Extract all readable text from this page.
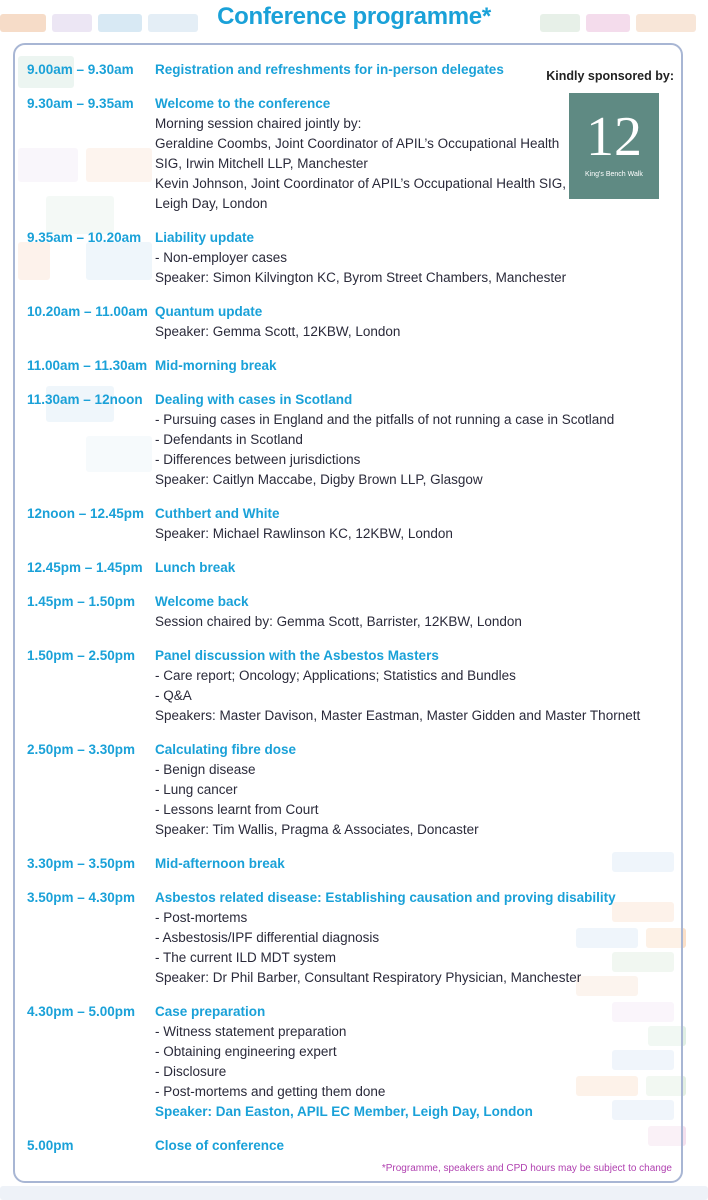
Conference programme*
Kindly sponsored by:
12
King's Bench Walk
9.00am – 9.30am	Registration and refreshments for in-person delegates
9.30am – 9.35am	Welcome to the conference
Morning session chaired jointly by:
Geraldine Coombs, Joint Coordinator of APIL’s Occupational Health
SIG, Irwin Mitchell LLP, Manchester
Kevin Johnson, Joint Coordinator of APIL’s Occupational Health SIG,
Leigh Day, London
9.35am – 10.20am	Liability update
- Non-employer cases
Speaker: Simon Kilvington KC, Byrom Street Chambers, Manchester
10.20am – 11.00am Quantum update
Speaker: Gemma Scott, 12KBW, London
11.00am – 11.30am Mid-morning break
11.30am – 12noon Dealing with cases in Scotland
- Pursuing cases in England and the pitfalls of not running a case in Scotland
- Defendants in Scotland
- Differences between jurisdictions
Speaker: Caitlyn Maccabe, Digby Brown LLP, Glasgow
12noon – 12.45pm Cuthbert and White
Speaker: Michael Rawlinson KC, 12KBW, London
12.45pm – 1.45pm Lunch break
1.45pm – 1.50pm	Welcome back
Session chaired by: Gemma Scott, Barrister, 12KBW, London
1.50pm – 2.50pm	Panel discussion with the Asbestos Masters
- Care report; Oncology; Applications; Statistics and Bundles
- Q&A
Speakers: Master Davison, Master Eastman, Master Gidden and Master Thornett
2.50pm – 3.30pm	Calculating fibre dose
- Benign disease
- Lung cancer
- Lessons learnt from Court
Speaker: Tim Wallis, Pragma & Associates, Doncaster
3.30pm – 3.50pm	Mid-afternoon break
3.50pm – 4.30pm	Asbestos related disease: Establishing causation and proving disability
- Post-mortems
- Asbestosis/IPF differential diagnosis
- The current ILD MDT system
Speaker: Dr Phil Barber, Consultant Respiratory Physician, Manchester
4.30pm – 5.00pm	Case preparation
- Witness statement preparation
- Obtaining engineering expert
- Disclosure
- Post-mortems and getting them done
Speaker: Dan Easton, APIL EC Member, Leigh Day, London
5.00pm	Close of conference
*Programme, speakers and CPD hours may be subject to change
